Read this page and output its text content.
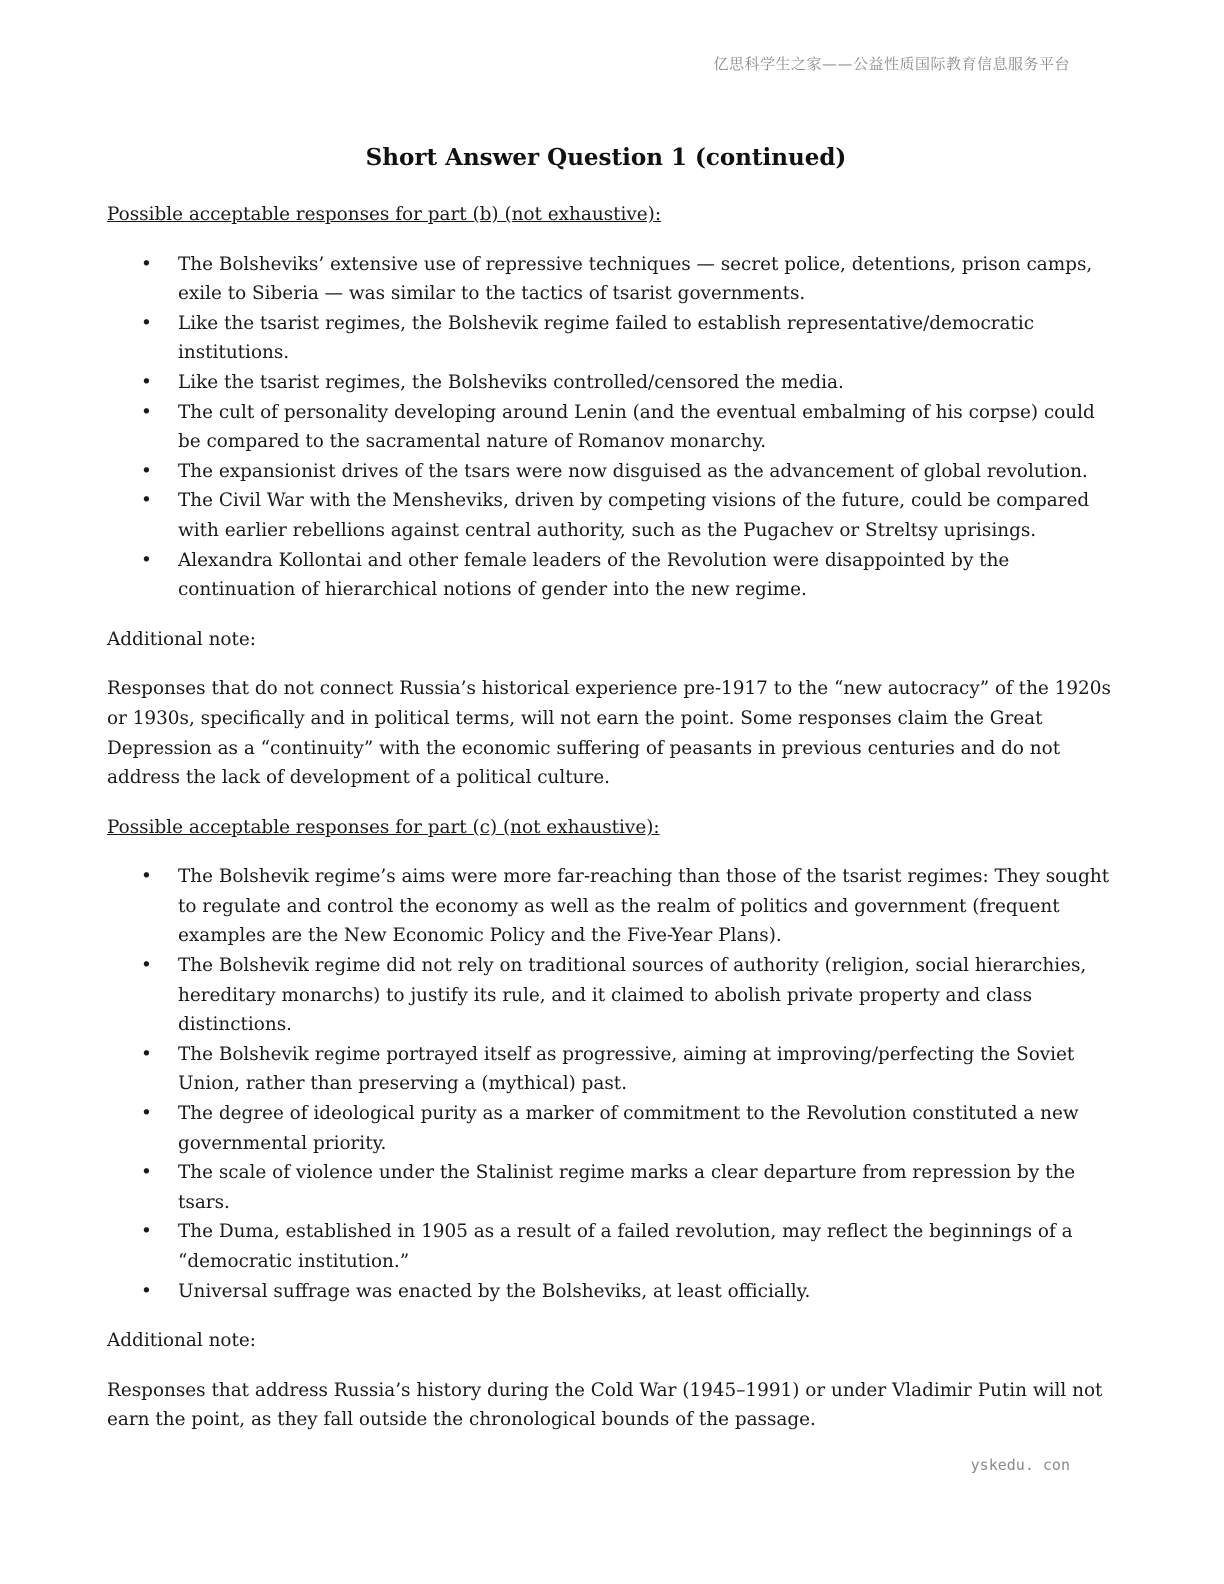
亿思科学生之家——公益性质国际教育信息服务平台
Short Answer Question 1 (continued)

Possible acceptable responses for part (b) (not exhaustive):

• The Bolsheviks’ extensive use of repressive techniques — secret police, detentions, prison camps, exile to Siberia — was similar to the tactics of tsarist governments.
• Like the tsarist regimes, the Bolshevik regime failed to establish representative/democratic institutions.
• Like the tsarist regimes, the Bolsheviks controlled/censored the media.
• The cult of personality developing around Lenin (and the eventual embalming of his corpse) could be compared to the sacramental nature of Romanov monarchy.
• The expansionist drives of the tsars were now disguised as the advancement of global revolution.
• The Civil War with the Mensheviks, driven by competing visions of the future, could be compared with earlier rebellions against central authority, such as the Pugachev or Streltsy uprisings.
• Alexandra Kollontai and other female leaders of the Revolution were disappointed by the continuation of hierarchical notions of gender into the new regime.

Additional note:

Responses that do not connect Russia’s historical experience pre-1917 to the “new autocracy” of the 1920s or 1930s, specifically and in political terms, will not earn the point. Some responses claim the Great Depression as a “continuity” with the economic suffering of peasants in previous centuries and do not address the lack of development of a political culture.

Possible acceptable responses for part (c) (not exhaustive):

• The Bolshevik regime’s aims were more far-reaching than those of the tsarist regimes: They sought to regulate and control the economy as well as the realm of politics and government (frequent examples are the New Economic Policy and the Five-Year Plans).
• The Bolshevik regime did not rely on traditional sources of authority (religion, social hierarchies, hereditary monarchs) to justify its rule, and it claimed to abolish private property and class distinctions.
• The Bolshevik regime portrayed itself as progressive, aiming at improving/perfecting the Soviet Union, rather than preserving a (mythical) past.
• The degree of ideological purity as a marker of commitment to the Revolution constituted a new governmental priority.
• The scale of violence under the Stalinist regime marks a clear departure from repression by the tsars.
• The Duma, established in 1905 as a result of a failed revolution, may reflect the beginnings of a “democratic institution.”
• Universal suffrage was enacted by the Bolsheviks, at least officially.

Additional note:

Responses that address Russia’s history during the Cold War (1945–1991) or under Vladimir Putin will not earn the point, as they fall outside the chronological bounds of the passage.

yskedu. con
